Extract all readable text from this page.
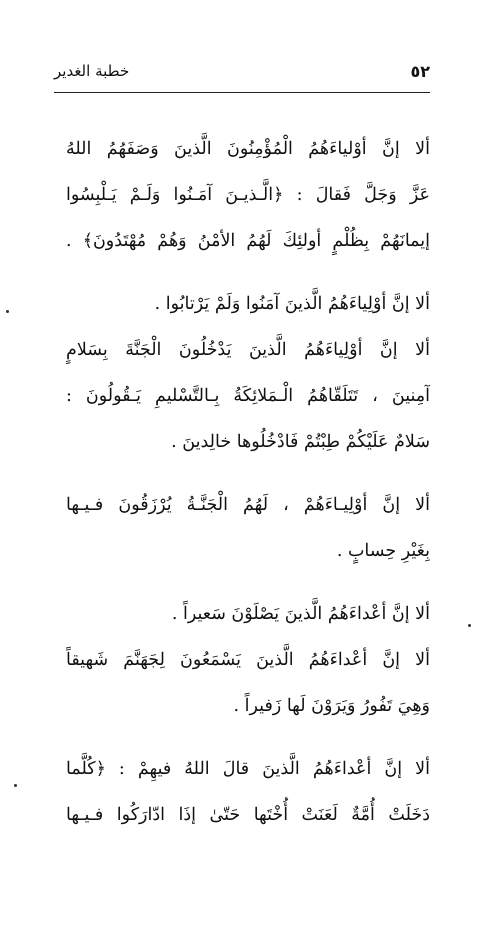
٥٢
خطبة الغدير
ألا إنَّ أوْلياءَهُمُ الْمُؤْمِنُونَ الَّذينَ وَصَفَهُمُ اللهُ
عَزَّ وَجَلَّ فَقالَ : ﴿الَّـذيـنَ آمَـنُوا وَلَـمْ يَـلْبِسُوا
إيمانَهُمْ بِظُلْمٍ أولئِكَ لَهُمُ الأمْنُ وَهُمْ مُهْتَدُونَ﴾ .
ألا إنَّ أوْلِياءَهُمُ الَّذينَ آمَنُوا وَلَمْ يَرْتابُوا .
ألا إنَّ أوْلِياءَهُمُ الَّذينَ يَدْخُلُونَ الْجَنَّةَ بِسَلامٍ
آمِنينَ ، تَتَلَقّاهُمُ الْـمَلائِكَةُ بِـالتَّسْليمِ يَـقُولُونَ :
سَلامٌ عَلَيْكُمْ طِبْتُمْ فَادْخُلُوها خالِدينَ .
ألا إنَّ أوْلِيـاءَهُمْ ، لَهُمُ الْجَنَّـةُ يُرْزَقُونَ فـيـها
بِغَيْرِ حِسابٍ .
ألا إنَّ أعْداءَهُمُ الَّذينَ يَصْلَوْنَ سَعيراً .
ألا إنَّ أعْداءَهُمُ الَّذينَ يَسْمَعُونَ لِجَهَنَّمَ شَهيقاً
وَهِيَ تَفُورُ وَيَرَوْنَ لَها زَفيراً .
ألا إنَّ أعْداءَهُمُ الَّذينَ قالَ اللهُ فيهِمْ : ﴿كُلَّما
دَخَلَتْ أُمَّةٌ لَعَنَتْ أُخْتَها حَتّىٰ إذَا ادّارَكُوا فـيـها
